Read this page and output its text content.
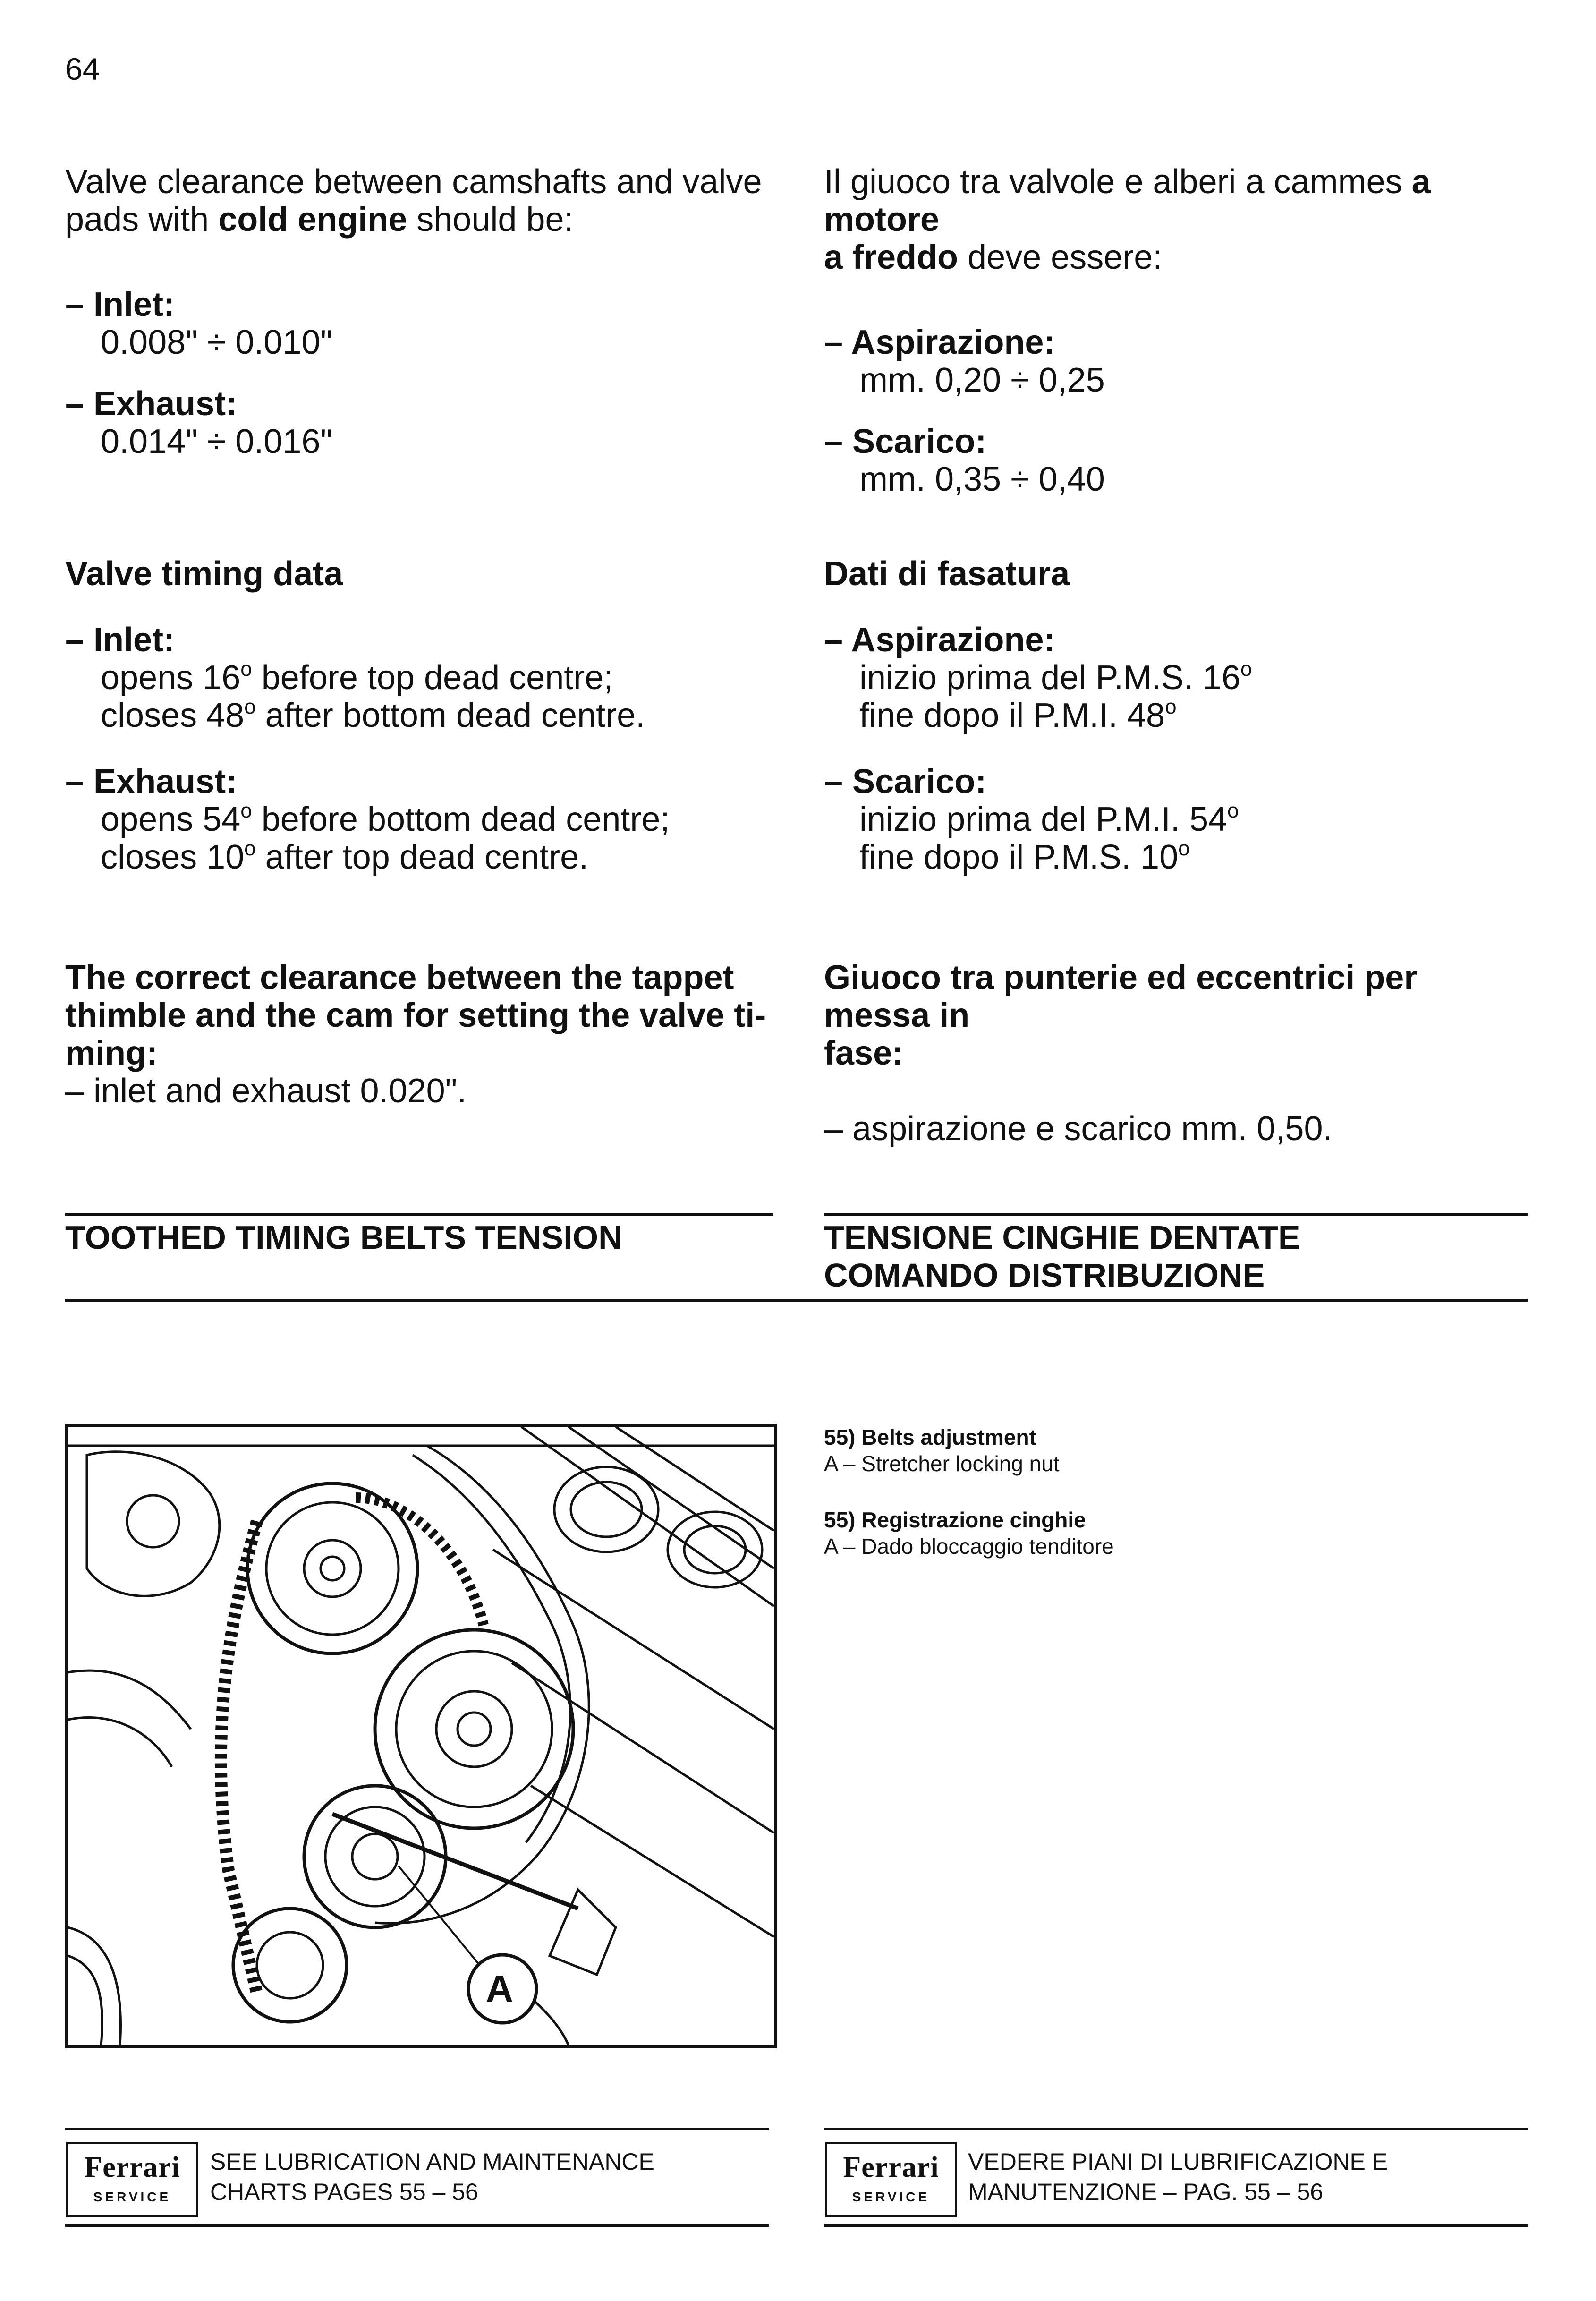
64
Valve clearance between camshafts and valve
pads with cold engine should be:
– Inlet:
0.008" ÷ 0.010"
– Exhaust:
0.014" ÷ 0.016"
Il giuoco tra valvole e alberi a cammes a motore
a freddo deve essere:
– Aspirazione:
mm. 0,20 ÷ 0,25
– Scarico:
mm. 0,35 ÷ 0,40
Valve timing data
– Inlet:
opens 16$^o$ before top dead centre;
closes 48$^o$ after bottom dead centre.
– Exhaust:
opens 54$^o$ before bottom dead centre;
closes 10$^o$ after top dead centre.
Dati di fasatura
– Aspirazione:
inizio prima del P.M.S. 16$^o$
fine dopo il P.M.I. 48$^o$
– Scarico:
inizio prima del P.M.I. 54$^o$
fine dopo il P.M.S. 10$^o$
The correct clearance between the tappet
thimble and the cam for setting the valve ti-
ming:
– inlet and exhaust 0.020".
Giuoco tra punterie ed eccentrici per messa in
fase:
– aspirazione e scarico mm. 0,50.
TOOTHED TIMING BELTS TENSION	TENSIONE CINGHIE DENTATE
COMANDO DISTRIBUZIONE
A
55) Belts adjustment
A – Stretcher locking nut
55) Registrazione cinghie
A – Dado bloccaggio tenditore
Ferrari
SERVICE
SEE LUBRICATION AND MAINTENANCE
CHARTS PAGES 55 – 56
Ferrari
SERVICE
VEDERE PIANI DI LUBRIFICAZIONE E
MANUTENZIONE – PAG. 55 – 56
